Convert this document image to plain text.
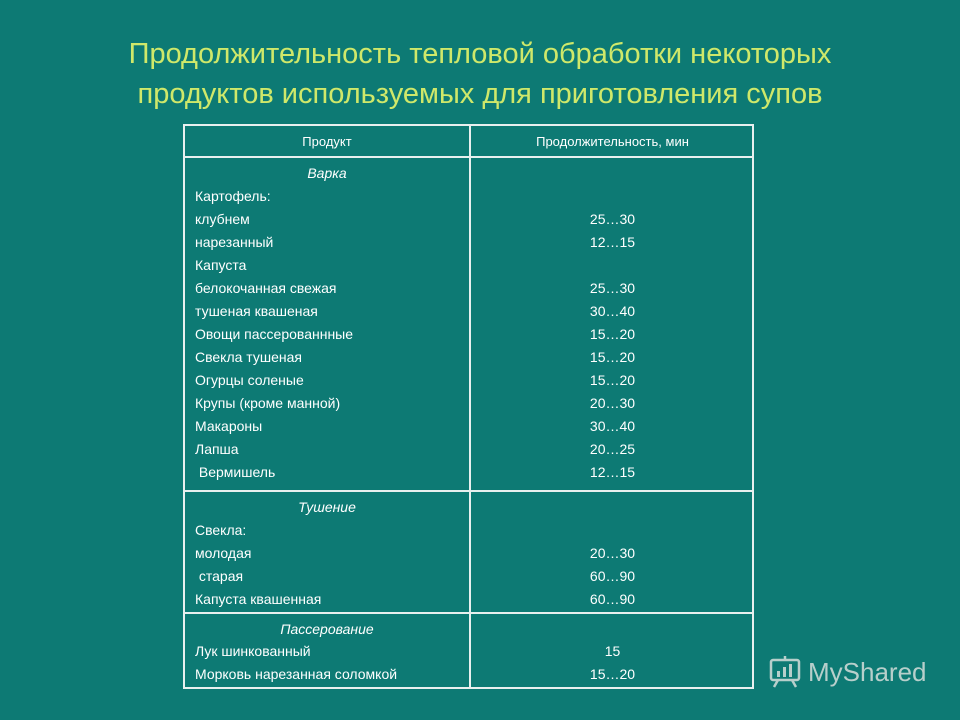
Продолжительность тепловой обработки некоторых
продуктов используемых для приготовления супов
Продукт	Продолжительность, мин
Варка
Картофель:
клубнем
нарезанный
Капуста
белокочанная свежая
тушеная квашеная
Овощи пассерованнные
Свекла тушеная
Огурцы соленые
Крупы (кроме манной)
Макароны
Лапша
Вермишель
25…30
12…15
25…30
30…40
15…20
15…20
15…20
20…30
30…40
20…25
12…15
Тушение
Свекла:
молодая
старая
Капуста квашенная
20…30
60…90
60…90
Пассерование
Лук шинкованный
Морковь нарезанная соломкой
15
15…20	MyShared
